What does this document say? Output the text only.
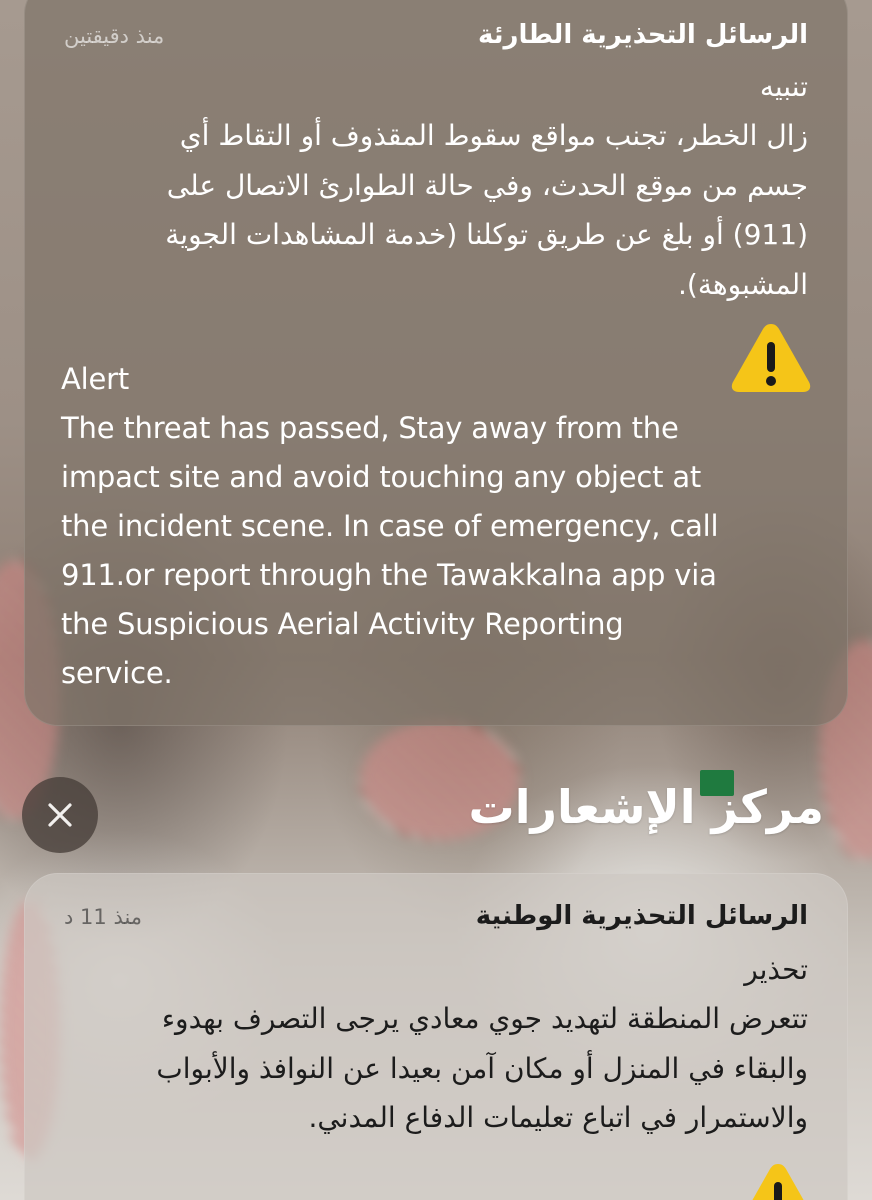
الرسائل التحذيرية الطارئة
منذ دقيقتين
تنبيه
زال الخطر، تجنب مواقع سقوط المقذوف أو التقاط أي جسم من موقع الحدث، وفي حالة الطوارئ الاتصال على (911) أو بلغ عن طريق توكلنا (خدمة المشاهدات الجوية المشبوهة).
Alert
The threat has passed, Stay away from the impact site and avoid touching any object at the incident scene. In case of emergency, call 911.or report through the Tawakkalna app via the Suspicious Aerial Activity Reporting service.
مركز الإشعارات
الرسائل التحذيرية الوطنية
منذ 11 د
تحذير
تتعرض المنطقة لتهديد جوي معادي يرجى التصرف بهدوء والبقاء في المنزل أو مكان آمن بعيدا عن النوافذ والأبواب والاستمرار في اتباع تعليمات الدفاع المدني.
